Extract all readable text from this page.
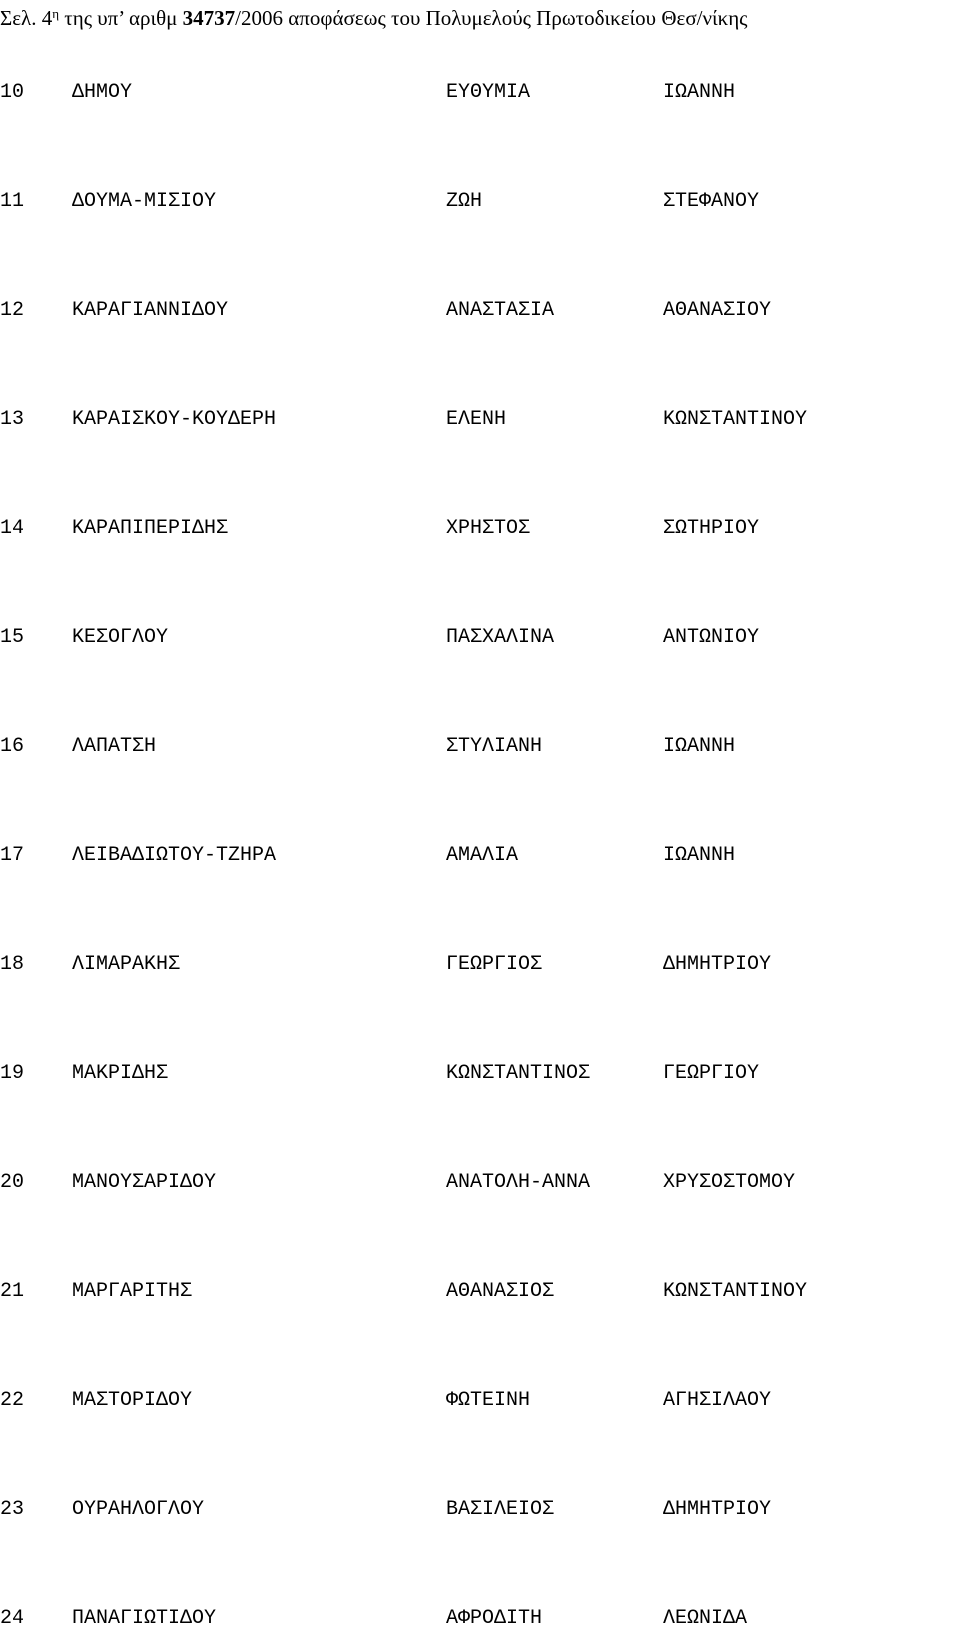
Σελ. $4^\eta$ της υπ’ αριθμ 34737/2006 αποφάσεως του Πολυμελούς Πρωτοδικείου Θεσ/νίκης
10 ΔΗΜΟΥ	ΕΥΘΥΜΙΑ	ΙΩΑΝΝΗ
11 ΔΟΥΜΑ-ΜΙΣΙΟΥ	ΖΩΗ	ΣΤΕΦΑΝΟΥ
12 ΚΑΡΑΓΙΑΝΝΙΔΟΥ	ΑΝΑΣΤΑΣΙΑ	ΑΘΑΝΑΣΙΟΥ
13 ΚΑΡΑΙΣΚΟΥ-ΚΟΥΔΕΡΗ	ΕΛΕΝΗ	ΚΩΝΣΤΑΝΤΙΝΟΥ
14 ΚΑΡΑΠΙΠΕΡΙΔΗΣ	ΧΡΗΣΤΟΣ	ΣΩΤΗΡΙΟΥ
15 ΚΕΣΟΓΛΟΥ	ΠΑΣΧΑΛΙΝΑ	ΑΝΤΩΝΙΟΥ
16 ΛΑΠΑΤΣΗ	ΣΤΥΛΙΑΝΗ	ΙΩΑΝΝΗ
17 ΛΕΙΒΑΔΙΩΤΟΥ-ΤΖΗΡΑ	ΑΜΑΛΙΑ	ΙΩΑΝΝΗ
18 ΛΙΜΑΡΑΚΗΣ	ΓΕΩΡΓΙΟΣ	ΔΗΜΗΤΡΙΟΥ
19 ΜΑΚΡΙΔΗΣ	ΚΩΝΣΤΑΝΤΙΝΟΣ	ΓΕΩΡΓΙΟΥ
20 ΜΑΝΟΥΣΑΡΙΔΟΥ	ΑΝΑΤΟΛΗ-ΑΝΝΑ	ΧΡΥΣΟΣΤΟΜΟΥ
21 ΜΑΡΓΑΡΙΤΗΣ	ΑΘΑΝΑΣΙΟΣ	ΚΩΝΣΤΑΝΤΙΝΟΥ
22 ΜΑΣΤΟΡΙΔΟΥ	ΦΩΤΕΙΝΗ	ΑΓΗΣΙΛΑΟΥ
23 ΟΥΡΑΗΛΟΓΛΟΥ	ΒΑΣΙΛΕΙΟΣ	ΔΗΜΗΤΡΙΟΥ
24 ΠΑΝΑΓΙΩΤΙΔΟΥ	ΑΦΡΟΔΙΤΗ	ΛΕΩΝΙΔΑ
